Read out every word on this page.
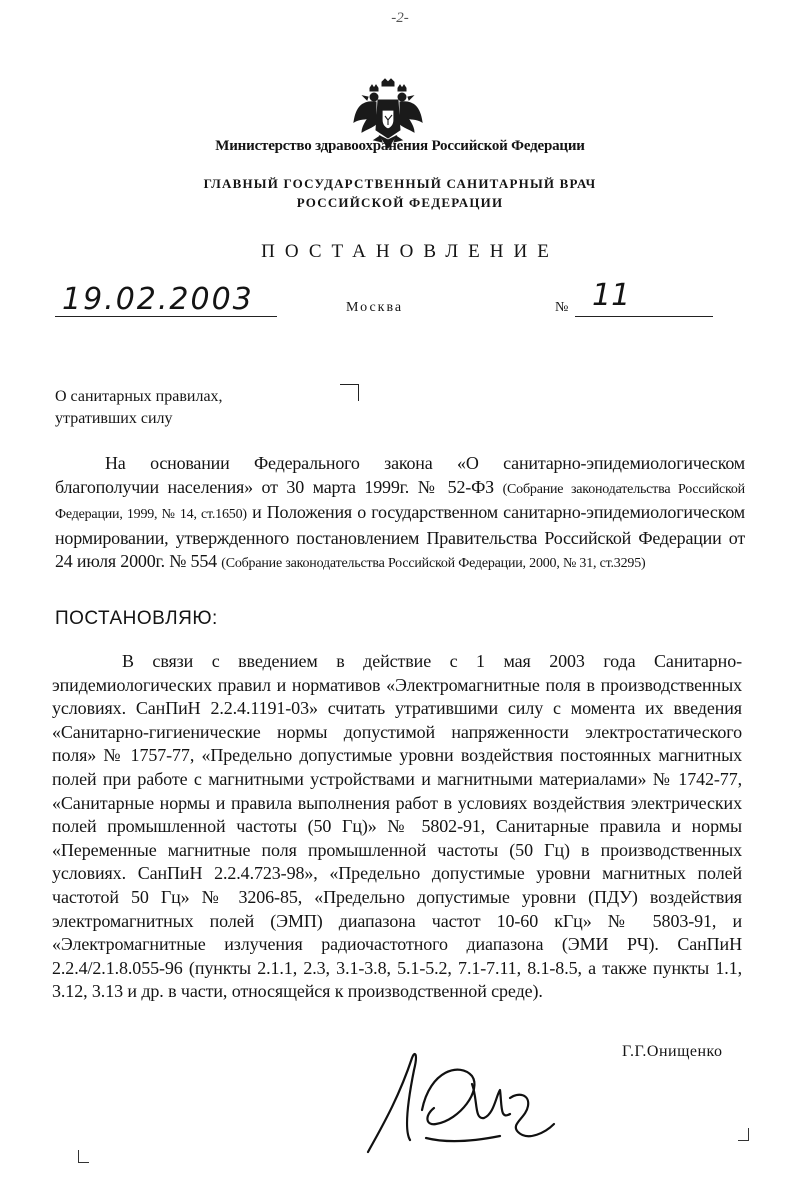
-2-
Министерство здравоохранения Российской Федерации
ГЛАВНЫЙ ГОСУДАРСТВЕННЫЙ САНИТАРНЫЙ ВРАЧ
РОССИЙСКОЙ ФЕДЕРАЦИИ
ПОСТАНОВЛЕНИЕ
19.02.2003	Москва	№ 11
О санитарных правилах,
утративших силу
На основании Федерального закона «О санитарно-эпидемиологическом благополучии населения» от 30 марта 1999г. № 52-ФЗ (Собрание законодательства Российской Федерации, 1999, № 14, ст.1650) и Положения о государственном санитарно-эпидемиологическом нормировании, утвержденного постановлением Правительства Российской Федерации от 24 июля 2000г. № 554 (Собрание законодательства Российской Федерации, 2000, № 31, ст.3295)
ПОСТАНОВЛЯЮ:
В связи с введением в действие с 1 мая 2003 года Санитарно-эпидемиологических правил и нормативов «Электромагнитные поля в производственных условиях. СанПиН 2.2.4.1191-03» считать утратившими силу с момента их введения «Санитарно-гигиенические нормы допустимой напряженности электростатического поля» № 1757-77, «Предельно допустимые уровни воздействия постоянных магнитных полей при работе с магнитными устройствами и магнитными материалами» № 1742-77, «Санитарные нормы и правила выполнения работ в условиях воздействия электрических полей промышленной частоты (50 Гц)» № 5802-91, Санитарные правила и нормы «Переменные магнитные поля промышленной частоты (50 Гц) в производственных условиях. СанПиН 2.2.4.723-98», «Предельно допустимые уровни магнитных полей частотой 50 Гц» № 3206-85, «Предельно допустимые уровни (ПДУ) воздействия электромагнитных полей (ЭМП) диапазона частот 10-60 кГц» № 5803-91, и «Электромагнитные излучения радиочастотного диапазона (ЭМИ РЧ). СанПиН 2.2.4/2.1.8.055-96 (пункты 2.1.1, 2.3, 3.1-3.8, 5.1-5.2, 7.1-7.11, 8.1-8.5, а также пункты 1.1, 3.12, 3.13 и др. в части, относящейся к производственной среде).
Г.Г.Онищенко
